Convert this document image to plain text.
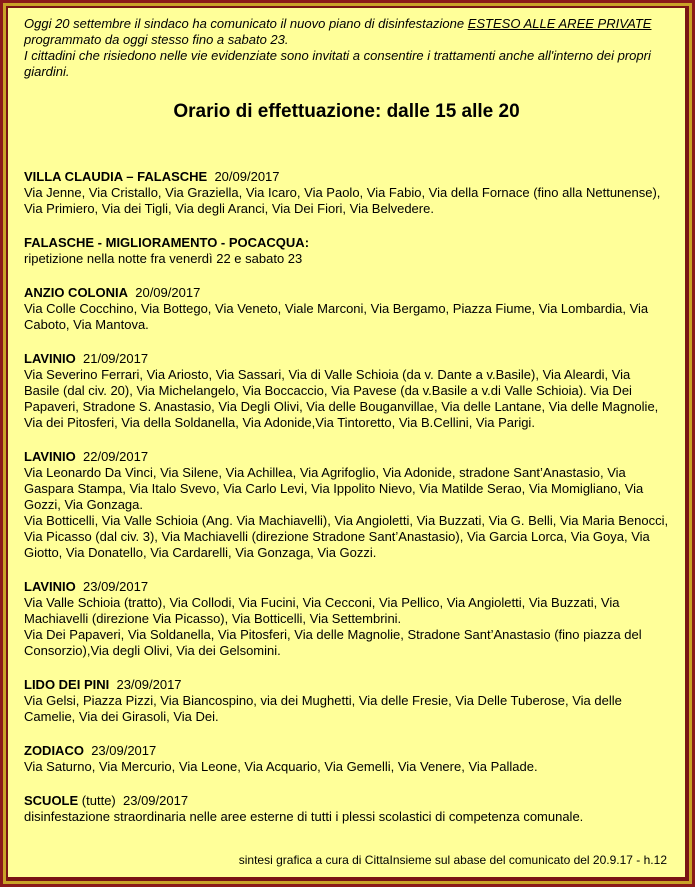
Oggi 20 settembre il sindaco ha comunicato il nuovo piano di disinfestazione ESTESO ALLE AREE PRIVATE programmato da oggi stesso fino a sabato 23.
I cittadini che risiedono nelle vie evidenziate sono invitati a consentire i trattamenti anche all'interno dei propri giardini.

Orario di effettuazione: dalle 15 alle 20
VILLA CLAUDIA – FALASCHE 20/09/2017
Via Jenne, Via Cristallo, Via Graziella, Via Icaro, Via Paolo, Via Fabio, Via della Fornace (fino alla Nettunense), Via Primiero, Via dei Tigli, Via degli Aranci, Via Dei Fiori, Via Belvedere.
FALASCHE - MIGLIORAMENTO - POCACQUA:
ripetizione nella notte fra venerdì 22 e sabato 23
ANZIO COLONIA 20/09/2017
Via Colle Cocchino, Via Bottego, Via Veneto, Viale Marconi, Via Bergamo, Piazza Fiume, Via Lombardia, Via Caboto, Via Mantova.
LAVINIO 21/09/2017
Via Severino Ferrari, Via Ariosto, Via Sassari, Via di Valle Schioia (da v. Dante a v.Basile), Via Aleardi, Via Basile (dal civ. 20), Via Michelangelo, Via Boccaccio, Via Pavese (da v.Basile a v.di Valle Schioia). Via Dei Papaveri, Stradone S. Anastasio, Via Degli Olivi, Via delle Bouganvillae, Via delle Lantane, Via delle Magnolie, Via dei Pitosferi, Via della Soldanella, Via Adonide,Via Tintoretto, Via B.Cellini, Via Parigi.
LAVINIO 22/09/2017
Via Leonardo Da Vinci, Via Silene, Via Achillea, Via Agrifoglio, Via Adonide, stradone Sant’Anastasio, Via Gaspara Stampa, Via Italo Svevo, Via Carlo Levi, Via Ippolito Nievo, Via Matilde Serao, Via Momigliano, Via Gozzi, Via Gonzaga.
Via Botticelli, Via Valle Schioia (Ang. Via Machiavelli), Via Angioletti, Via Buzzati, Via G. Belli, Via Maria Benocci, Via Picasso (dal civ. 3), Via Machiavelli (direzione Stradone Sant’Anastasio), Via Garcia Lorca, Via Goya, Via Giotto, Via Donatello, Via Cardarelli, Via Gonzaga, Via Gozzi.
LAVINIO 23/09/2017
Via Valle Schioia (tratto), Via Collodi, Via Fucini, Via Cecconi, Via Pellico, Via Angioletti, Via Buzzati, Via Machiavelli (direzione Via Picasso), Via Botticelli, Via Settembrini.
Via Dei Papaveri, Via Soldanella, Via Pitosferi, Via delle Magnolie, Stradone Sant’Anastasio (fino piazza del Consorzio),Via degli Olivi, Via dei Gelsomini.
LIDO DEI PINI 23/09/2017
Via Gelsi, Piazza Pizzi, Via Biancospino, via dei Mughetti, Via delle Fresie, Via Delle Tuberose, Via delle Camelie, Via dei Girasoli, Via Dei.
ZODIACO 23/09/2017
Via Saturno, Via Mercurio, Via Leone, Via Acquario, Via Gemelli, Via Venere, Via Pallade.
SCUOLE (tutte) 23/09/2017
disinfestazione straordinaria nelle aree esterne di tutti i plessi scolastici di competenza comunale.
sintesi grafica a cura di CittaInsieme sul abase del comunicato del 20.9.17 - h.12
